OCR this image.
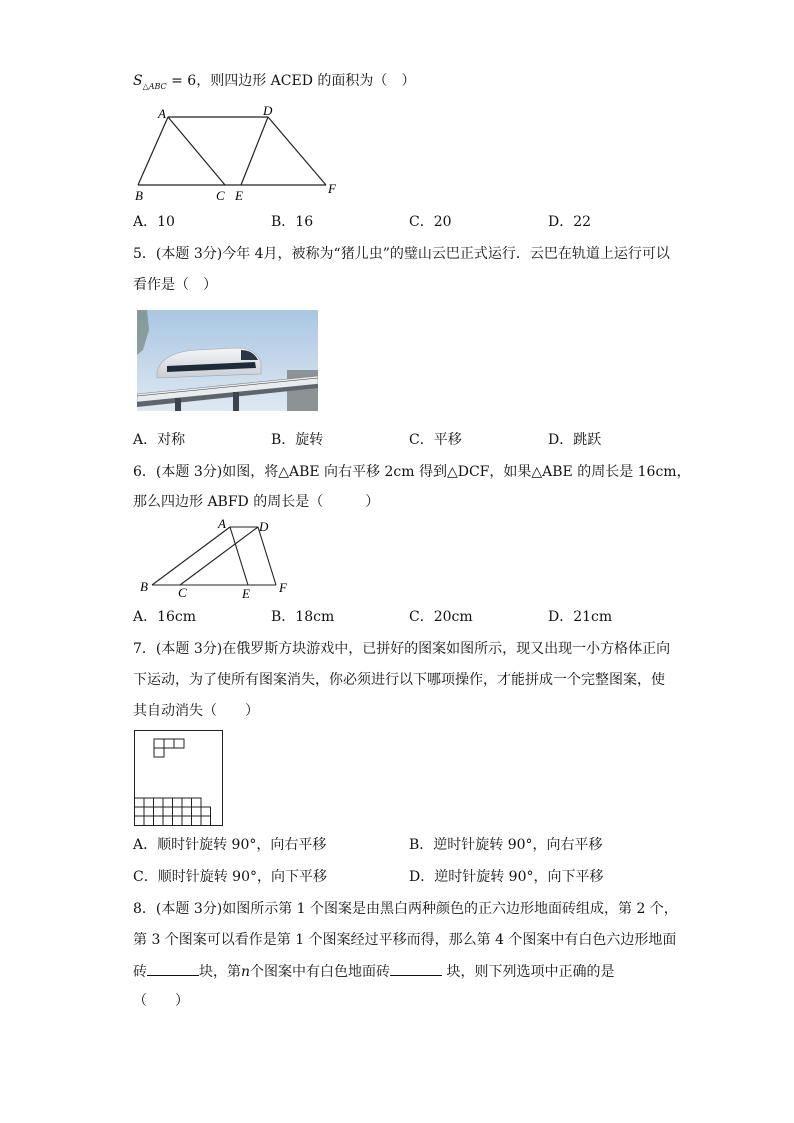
$S_{\triangle ABC} = 6$，则四边形 ACED 的面积为（　）
A	D
B	C E	F
A．10	B．16	C．20	D．22
5．(本题 3分)今年 4月，被称为“猪儿虫”的璧山云巴正式运行．云巴在轨道上运行可以
看作是（　）
A．对称	B．旋转	C．平移	D．跳跃
6．(本题 3分)如图，将△ABE 向右平移 2cm 得到△DCF，如果△ABE 的周长是 16cm，
那么四边形 ABFD 的周长是（　　　）
A	D
B C	E F
A．16cm	B．18cm	C．20cm	D．21cm
7．(本题 3分)在俄罗斯方块游戏中，已拼好的图案如图所示，现又出现一小方格体正向
下运动，为了使所有图案消失，你必须进行以下哪项操作，才能拼成一个完整图案，使
其自动消失（　　）
A．顺时针旋转 90°，向右平移	B．逆时针旋转 90°，向右平移
C．顺时针旋转 90°，向下平移	D．逆时针旋转 90°，向下平移
8．(本题 3分)如图所示第 1 个图案是由黑白两种颜色的正六边形地面砖组成，第 2 个，
第 3 个图案可以看作是第 1 个图案经过平移而得，那么第 4 个图案中有白色六边形地面
砖	块，第n个图案中有白色地面砖	块，则下列选项中正确的是
（　　）
